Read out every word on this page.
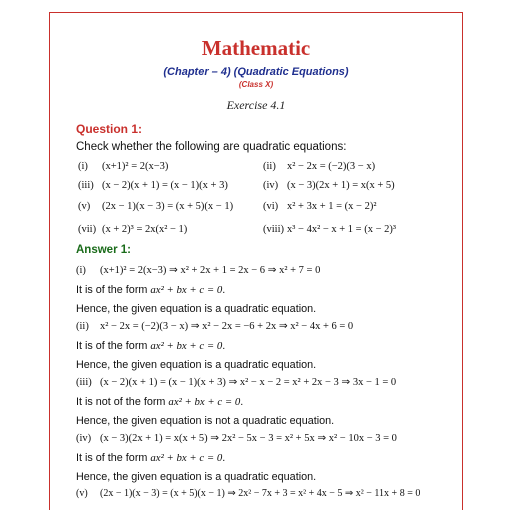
Mathematic
(Chapter – 4) (Quadratic Equations)
(Class X)
Exercise 4.1
Question 1:
Check whether the following are quadratic equations:
(i) (x+1)² = 2(x−3)	(ii) x² − 2x = (−2)(3 − x)
(iii) (x − 2)(x + 1) = (x − 1)(x + 3)	(iv) (x − 3)(2x + 1) = x(x + 5)
(v) (2x − 1)(x − 3) = (x + 5)(x − 1)	(vi) x² + 3x + 1 = (x − 2)²
(vii) (x + 2)³ = 2x(x² − 1)	(viii) x³ − 4x² − x + 1 = (x − 2)³
Answer 1:
(i) (x+1)² = 2(x−3) ⇒ x² + 2x + 1 = 2x − 6 ⇒ x² + 7 = 0
It is of the form ax² + bx + c = 0.
Hence, the given equation is a quadratic equation.
(ii) x² − 2x = (−2)(3 − x) ⇒ x² − 2x = −6 + 2x ⇒ x² − 4x + 6 = 0
It is of the form ax² + bx + c = 0.
Hence, the given equation is a quadratic equation.
(iii) (x − 2)(x + 1) = (x − 1)(x + 3) ⇒ x² − x − 2 = x² + 2x − 3 ⇒ 3x − 1 = 0
It is not of the form ax² + bx + c = 0.
Hence, the given equation is not a quadratic equation.
(iv) (x − 3)(2x + 1) = x(x + 5) ⇒ 2x² − 5x − 3 = x² + 5x ⇒ x² − 10x − 3 = 0
It is of the form ax² + bx + c = 0.
Hence, the given equation is a quadratic equation.
(v) (2x − 1)(x − 3) = (x + 5)(x − 1) ⇒ 2x² − 7x + 3 = x² + 4x − 5 ⇒ x² − 11x + 8 = 0
